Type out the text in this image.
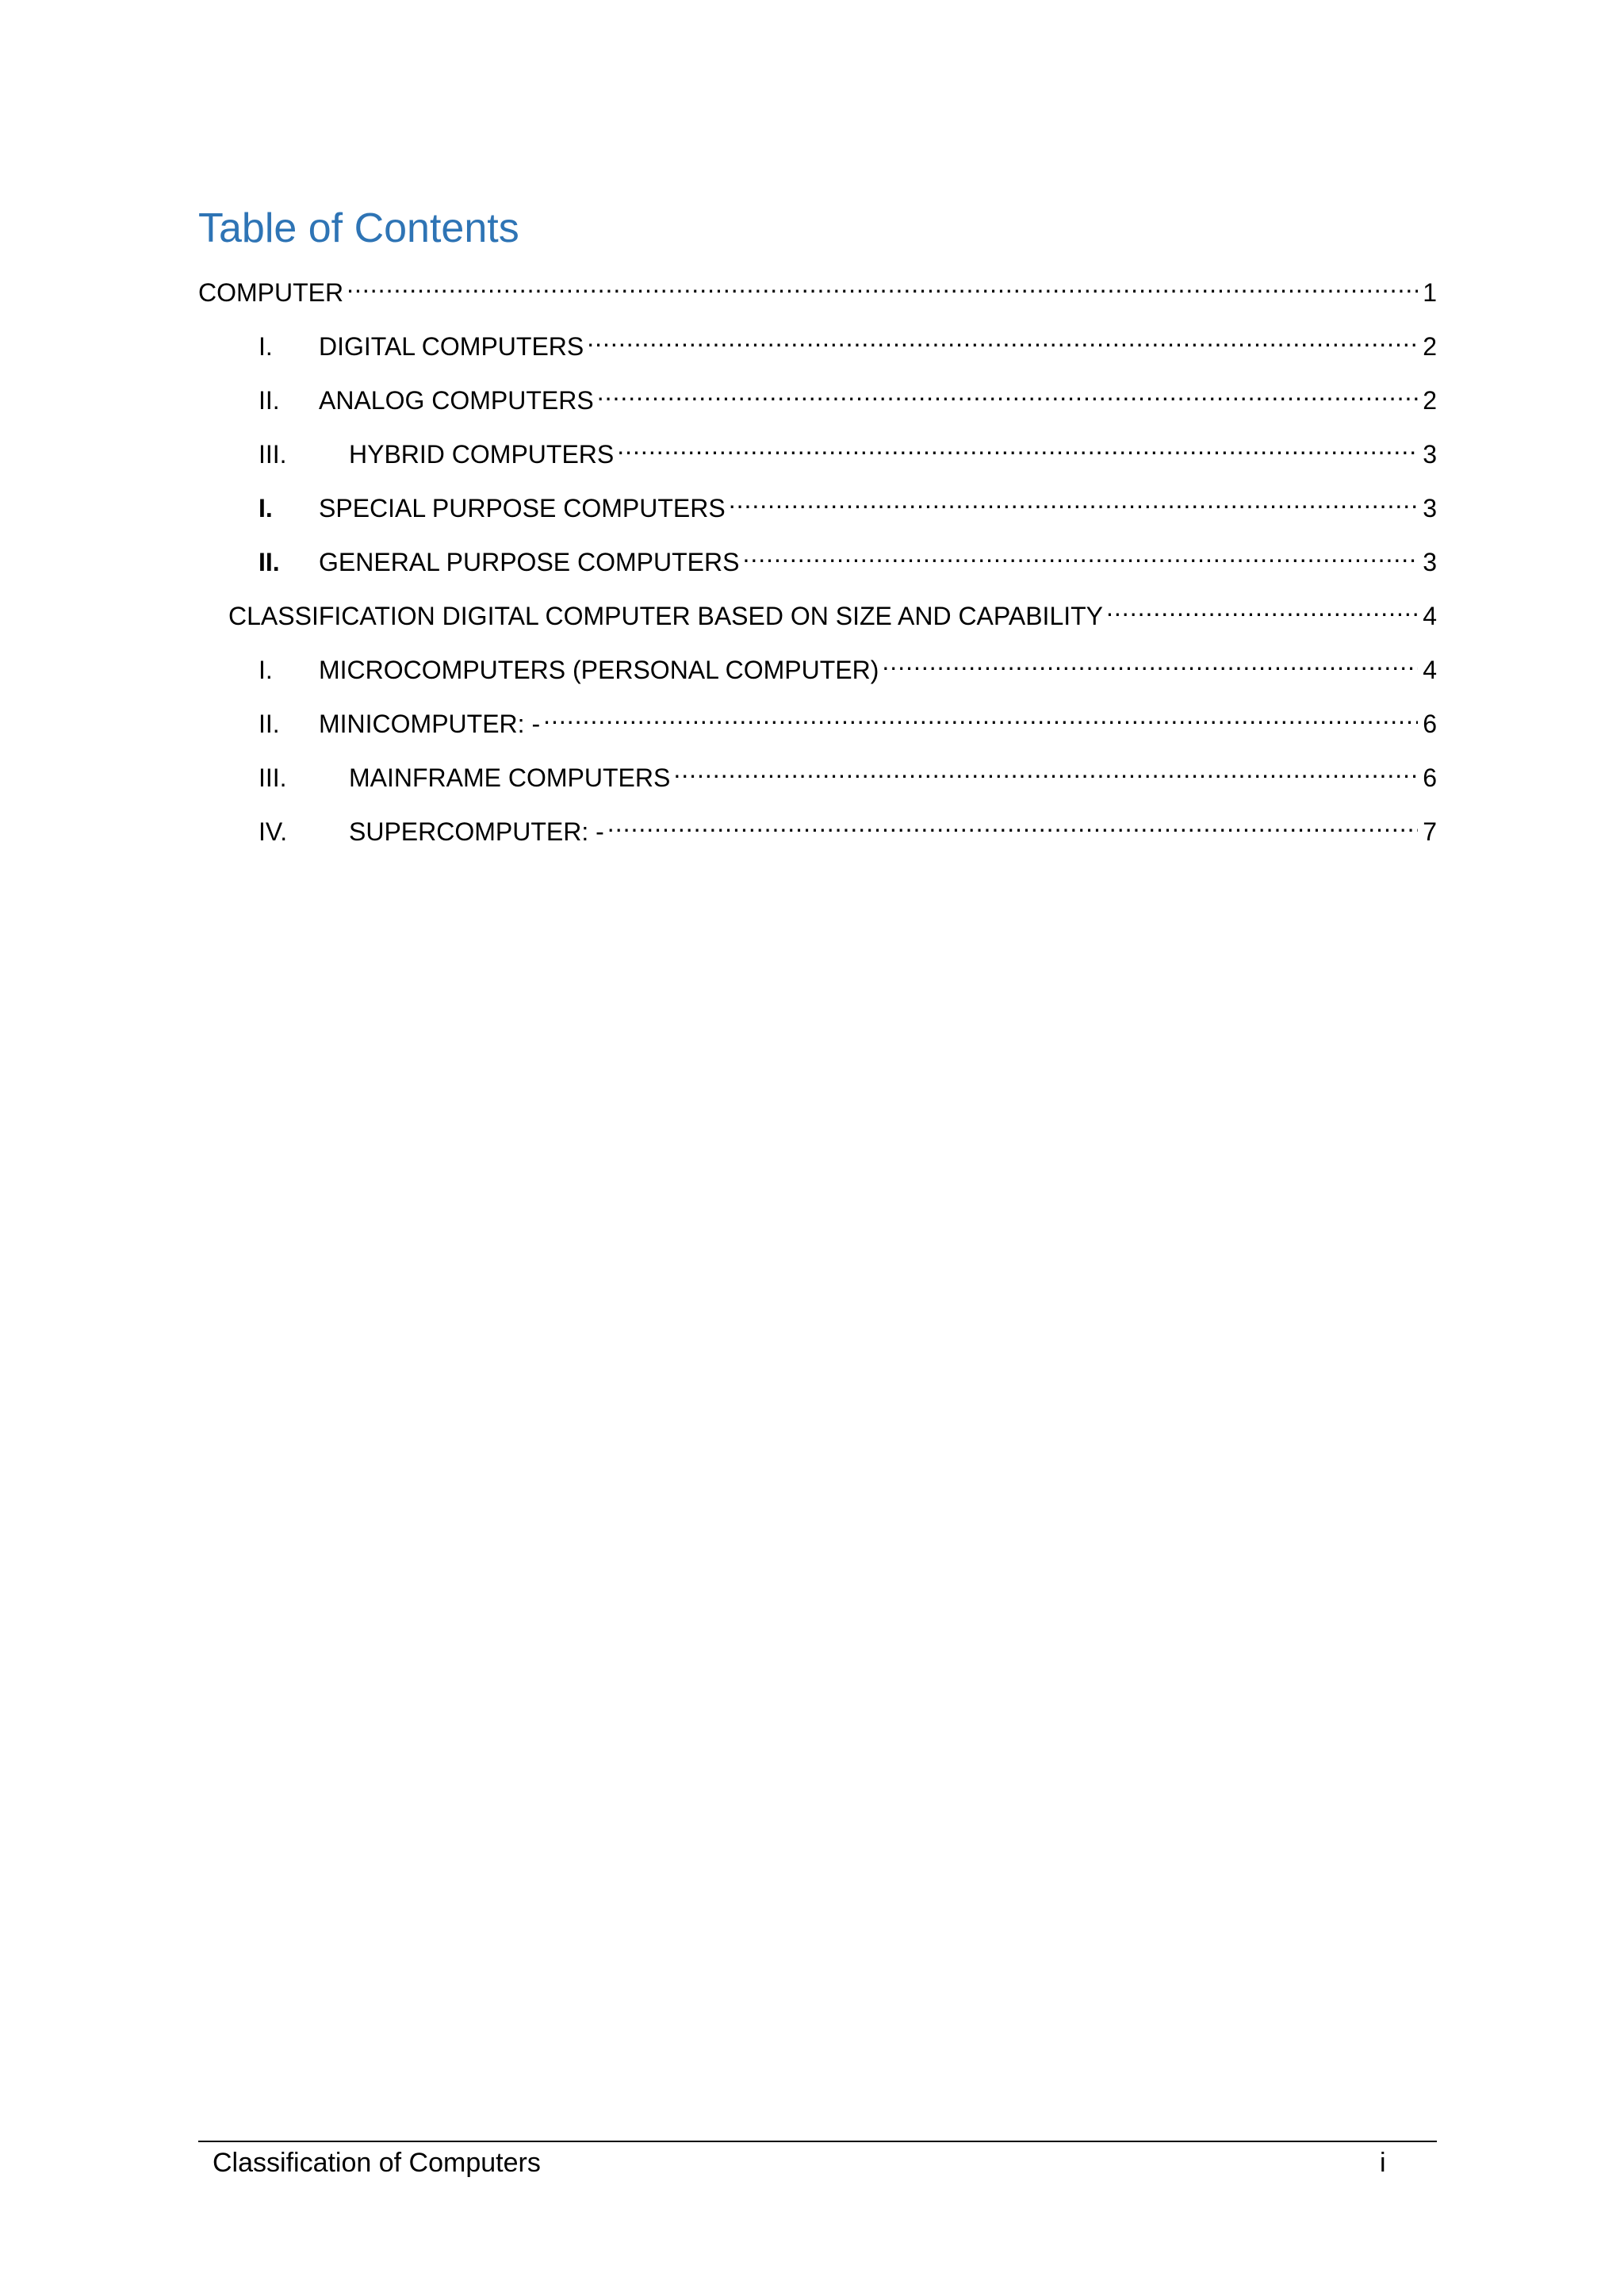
Table of Contents
COMPUTER .....	1
I.	DIGITAL COMPUTERS .....	2
II.	ANALOG COMPUTERS .....	2
III.	HYBRID COMPUTERS .....	3
I.	SPECIAL PURPOSE COMPUTERS .....	3
II.	GENERAL PURPOSE COMPUTERS .....	3
CLASSIFICATION DIGITAL COMPUTER BASED ON SIZE AND CAPABILITY .....	4
I.	MICROCOMPUTERS (PERSONAL COMPUTER) .....	4
II.	MINICOMPUTER: - .....	6
III.	MAINFRAME COMPUTERS .....	6
IV.	SUPERCOMPUTER: - .....	7
Classification of Computers	i
